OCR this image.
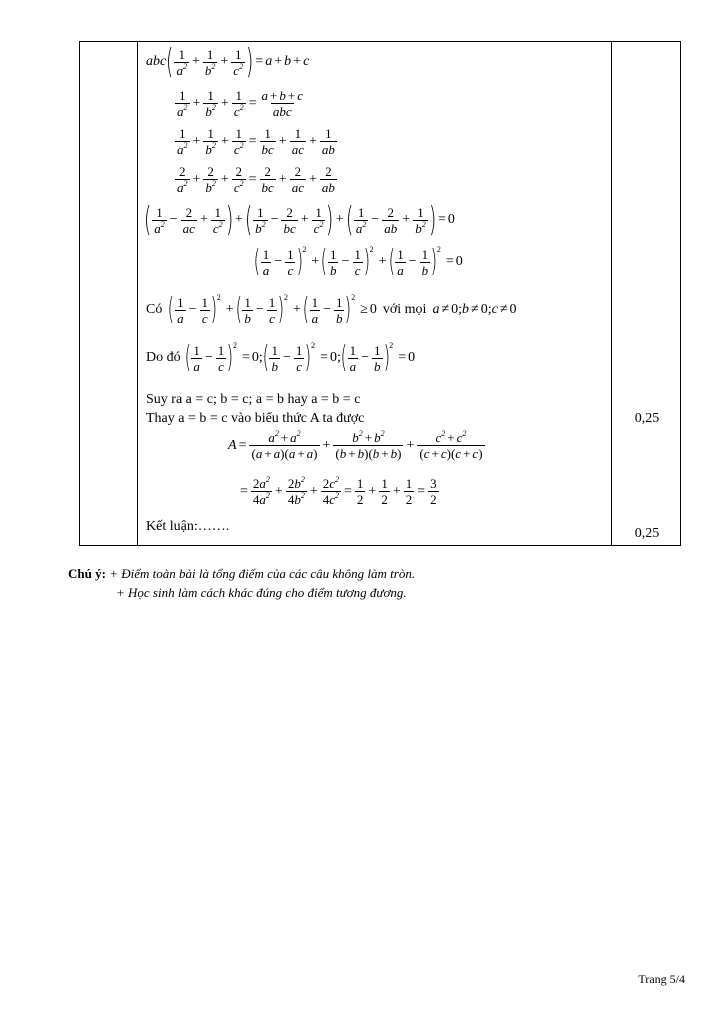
abc ( $\frac{1}{a^2} + \frac{1}{b^2} + \frac{1}{c^2}$ ) = a + b + c
$\frac{1}{a^2} + \frac{1}{b^2} + \frac{1}{c^2} = \frac{a + b + c}{\text{abc}}$
$\frac{1}{a^2} + \frac{1}{b^2} + \frac{1}{c^2} = \frac{1}{bc} + \frac{1}{ac} + \frac{1}{ab}$
$\frac{2}{a^2} + \frac{2}{b^2} + \frac{2}{c^2} = \frac{2}{bc} + \frac{2}{ac} + \frac{2}{ab}$
( $\frac{1}{a^2} - \frac{2}{ac} + \frac{1}{c^2}$ ) + ( $\frac{1}{b^2} - \frac{2}{bc} + \frac{1}{c^2}$ ) + ( $\frac{1}{a^2} - \frac{2}{ab} + \frac{1}{b^2}$ ) = 0
( $\frac{1}{a} - \frac{1}{c}$ ) 2
+ ( $\frac{1}{b} - \frac{1}{c}$ ) 2
+ ( $\frac{1}{a} - \frac{1}{b}$ ) 2
= 0
Có ( $\frac{1}{a} - \frac{1}{c}$ ) 2
+ ( $\frac{1}{b} - \frac{1}{c}$ ) 2
+ ( $\frac{1}{a} - \frac{1}{b}$ ) 2
≥ 0 với mọi a ≠ 0; b ≠ 0; c ≠ 0
Do đó ( $\frac{1}{a} - \frac{1}{c}$ ) 2
= 0; ( $\frac{1}{b} - \frac{1}{c}$ ) 2
= 0; ( $\frac{1}{a} - \frac{1}{b}$ ) 2
= 0
Suy ra a = c; b = c; a = b hay a = b = c
Thay a = b = c vào biểu thức A ta được
$A = \frac{a^2 + a^2}{(a + a)(a + a)} + \frac{b^2 + b^2}{(b + b)(b + b)} + \frac{c^2 + c^2}{(c + c)(c + c)}$
= $\frac{2a^2}{4a^2} + \frac{2b^2}{4b^2} + \frac{2c^2}{4c^2} = \frac{1}{2} + \frac{1}{2} + \frac{1}{2} = \frac{3}{2}$
Kết luận:…….
0,25
0,25
Chú ý: + Điểm toàn bài là tổng điểm của các câu không làm tròn.
+ Học sinh làm cách khác đúng cho điểm tương đương.
Trang 5/4
